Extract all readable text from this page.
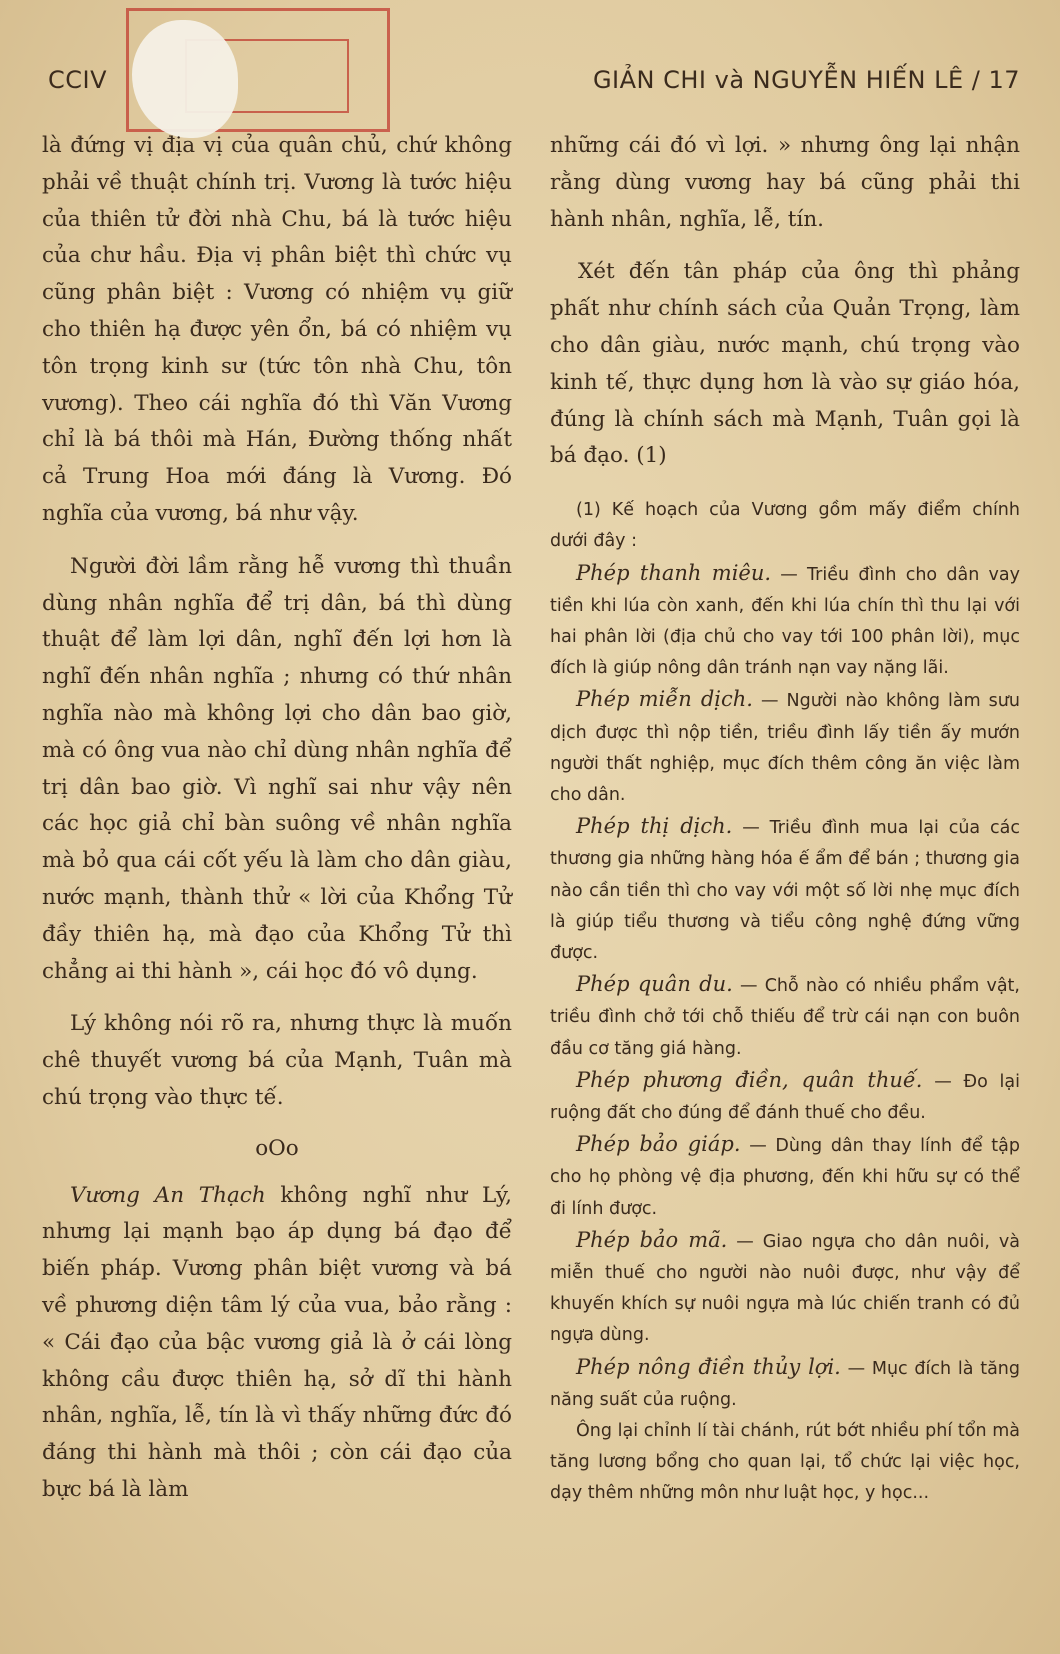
CCIV	GIẢN CHI và NGUYỄN HIẾN LÊ / 17

là đứng vị địa vị của quân chủ, chứ không phải về thuật chính trị. Vương là tước hiệu của thiên tử đời nhà Chu, bá là tước hiệu của chư hầu. Địa vị phân biệt thì chức vụ cũng phân biệt : Vương có nhiệm vụ giữ cho thiên hạ được yên ổn, bá có nhiệm vụ tôn trọng kinh sư (tức tôn nhà Chu, tôn vương). Theo cái nghĩa đó thì Văn Vương chỉ là bá thôi mà Hán, Đường thống nhất cả Trung Hoa mới đáng là Vương. Đó nghĩa của vương, bá như vậy.

Người đời lầm rằng hễ vương thì thuần dùng nhân nghĩa để trị dân, bá thì dùng thuật để làm lợi dân, nghĩ đến lợi hơn là nghĩ đến nhân nghĩa ; nhưng có thứ nhân nghĩa nào mà không lợi cho dân bao giờ, mà có ông vua nào chỉ dùng nhân nghĩa để trị dân bao giờ. Vì nghĩ sai như vậy nên các học giả chỉ bàn suông về nhân nghĩa mà bỏ qua cái cốt yếu là làm cho dân giàu, nước mạnh, thành thử « lời của Khổng Tử đầy thiên hạ, mà đạo của Khổng Tử thì chẳng ai thi hành », cái học đó vô dụng.

Lý không nói rõ ra, nhưng thực là muốn chê thuyết vương bá của Mạnh, Tuân mà chú trọng vào thực tế.

oOo

Vương An Thạch không nghĩ như Lý, nhưng lại mạnh bạo áp dụng bá đạo để biến pháp. Vương phân biệt vương và bá về phương diện tâm lý của vua, bảo rằng : « Cái đạo của bậc vương giả là ở cái lòng không cầu được thiên hạ, sở dĩ thi hành nhân, nghĩa, lễ, tín là vì thấy những đức đó đáng thi hành mà thôi ; còn cái đạo của bực bá là làm

những cái đó vì lợi. » nhưng ông lại nhận rằng dùng vương hay bá cũng phải thi hành nhân, nghĩa, lễ, tín.

Xét đến tân pháp của ông thì phảng phất như chính sách của Quản Trọng, làm cho dân giàu, nước mạnh, chú trọng vào kinh tế, thực dụng hơn là vào sự giáo hóa, đúng là chính sách mà Mạnh, Tuân gọi là bá đạo. (1)

(1) Kế hoạch của Vương gồm mấy điểm chính dưới đây :

Phép thanh miêu. — Triều đình cho dân vay tiền khi lúa còn xanh, đến khi lúa chín thì thu lại với hai phân lời (địa chủ cho vay tới 100 phân lời), mục đích là giúp nông dân tránh nạn vay nặng lãi.

Phép miễn dịch. — Người nào không làm sưu dịch được thì nộp tiền, triều đình lấy tiền ấy mướn người thất nghiệp, mục đích thêm công ăn việc làm cho dân.

Phép thị dịch. — Triều đình mua lại của các thương gia những hàng hóa ế ẩm để bán ; thương gia nào cần tiền thì cho vay với một số lời nhẹ mục đích là giúp tiểu thương và tiểu công nghệ đứng vững được.

Phép quân du. — Chỗ nào có nhiều phẩm vật, triều đình chở tới chỗ thiếu để trừ cái nạn con buôn đầu cơ tăng giá hàng.

Phép phương điền, quân thuế. — Đo lại ruộng đất cho đúng để đánh thuế cho đều.

Phép bảo giáp. — Dùng dân thay lính để tập cho họ phòng vệ địa phương, đến khi hữu sự có thể đi lính được.

Phép bảo mã. — Giao ngựa cho dân nuôi, và miễn thuế cho người nào nuôi được, như vậy để khuyến khích sự nuôi ngựa mà lúc chiến tranh có đủ ngựa dùng.

Phép nông điền thủy lợi. — Mục đích là tăng năng suất của ruộng.

Ông lại chỉnh lí tài chánh, rút bớt nhiều phí tổn mà tăng lương bổng cho quan lại, tổ chức lại việc học, dạy thêm những môn như luật học, y học...
